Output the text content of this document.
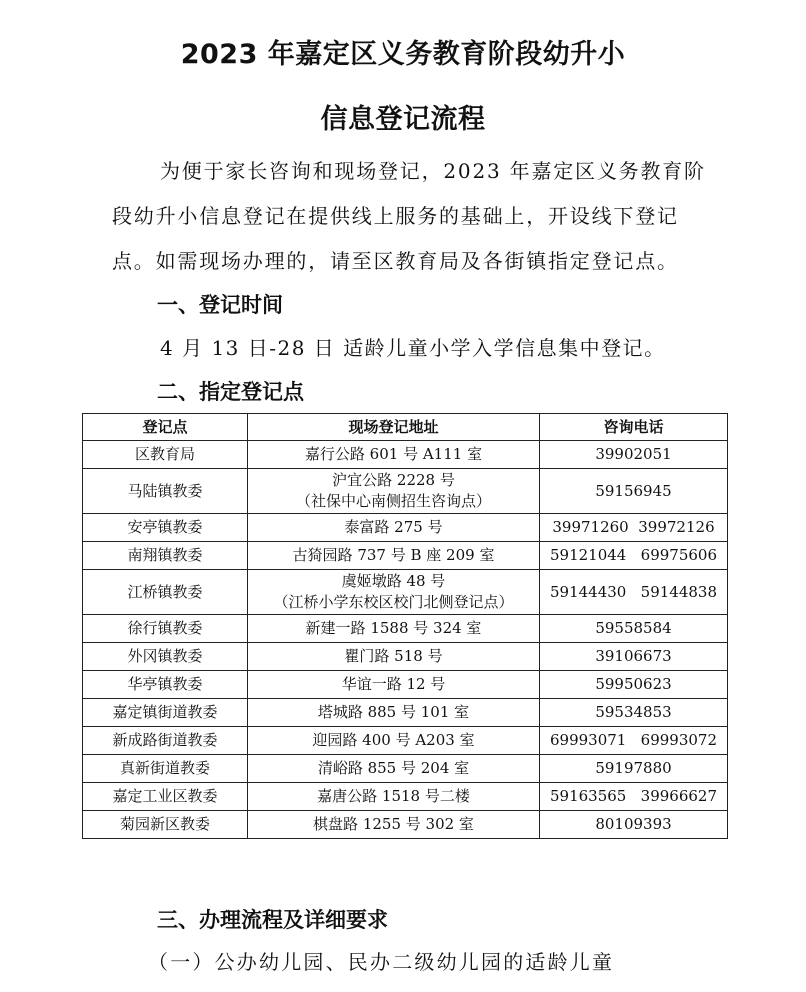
2023 年嘉定区义务教育阶段幼升小
信息登记流程
为便于家长咨询和现场登记，2023 年嘉定区义务教育阶
段幼升小信息登记在提供线上服务的基础上，开设线下登记
点。如需现场办理的，请至区教育局及各街镇指定登记点。
一、登记时间
4 月 13 日-28 日 适龄儿童小学入学信息集中登记。
二、指定登记点
登记点	现场登记地址	咨询电话
区教育局	嘉行公路 601 号 A111 室	39902051
马陆镇教委	沪宜公路 2228 号
（社保中心南侧招生咨询点）	59156945
安亭镇教委	泰富路 275 号	39971260  39972126
南翔镇教委	古猗园路 737 号 B 座 209 室	59121044   69975606
江桥镇教委	虞姬墩路 48 号
（江桥小学东校区校门北侧登记点）	59144430   59144838
徐行镇教委	新建一路 1588 号 324 室	59558584
外冈镇教委	瞿门路 518 号	39106673
华亭镇教委	华谊一路 12 号	59950623
嘉定镇街道教委	塔城路 885 号 101 室	59534853
新成路街道教委	迎园路 400 号 A203 室	69993071   69993072
真新街道教委	清峪路 855 号 204 室	59197880
嘉定工业区教委	嘉唐公路 1518 号二楼	59163565   39966627
菊园新区教委	棋盘路 1255 号 302 室	80109393
三、办理流程及详细要求
（一）公办幼儿园、民办二级幼儿园的适龄儿童
